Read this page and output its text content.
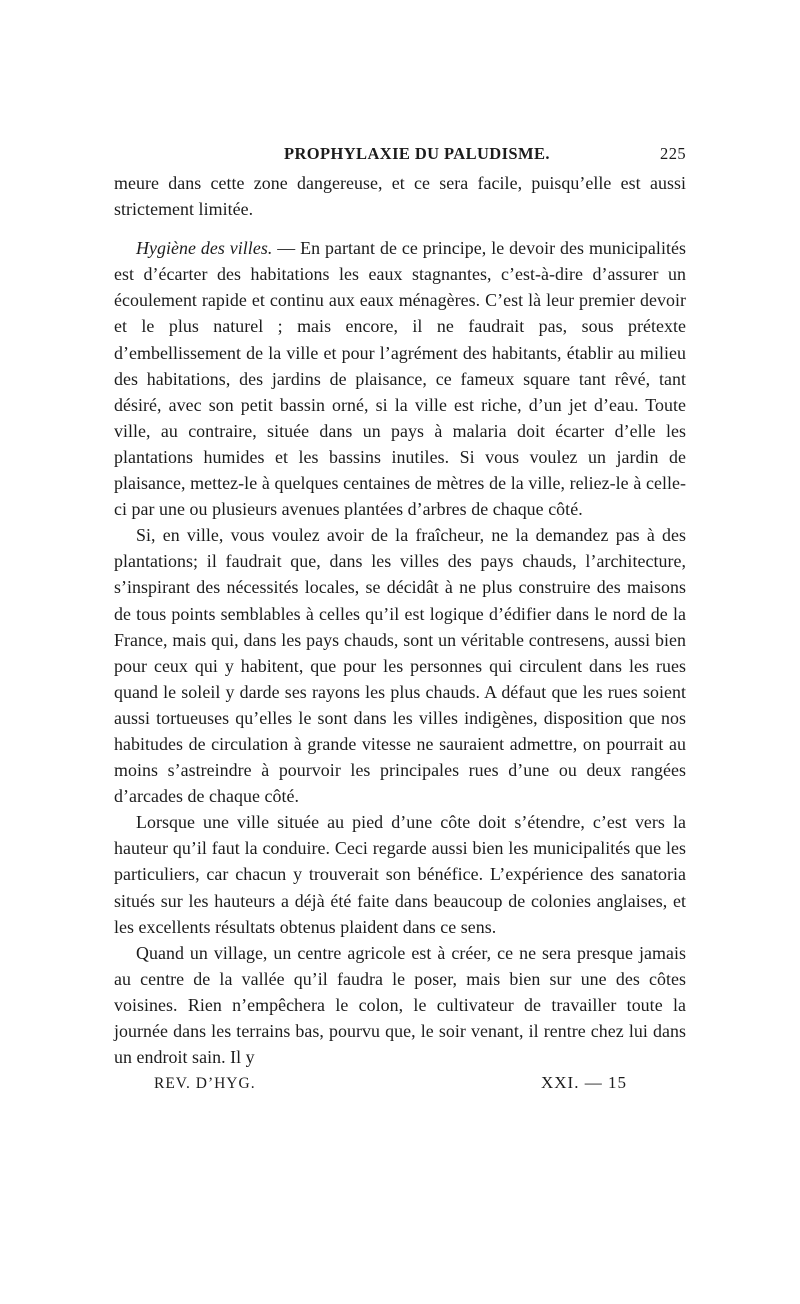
PROPHYLAXIE DU PALUDISME.	225

meure dans cette zone dangereuse, et ce sera facile, puisqu’elle est aussi strictement limitée.

Hygiène des villes. — En partant de ce principe, le devoir des municipalités est d’écarter des habitations les eaux stagnantes, c’est-à-dire d’assurer un écoulement rapide et continu aux eaux ménagères. C’est là leur premier devoir et le plus naturel ; mais encore, il ne faudrait pas, sous prétexte d’embellissement de la ville et pour l’agrément des habitants, établir au milieu des habitations, des jardins de plaisance, ce fameux square tant rêvé, tant désiré, avec son petit bassin orné, si la ville est riche, d’un jet d’eau. Toute ville, au contraire, située dans un pays à malaria doit écarter d’elle les plantations humides et les bassins inutiles. Si vous voulez un jardin de plaisance, mettez-le à quelques centaines de mètres de la ville, reliez-le à celle-ci par une ou plusieurs avenues plantées d’arbres de chaque côté.

Si, en ville, vous voulez avoir de la fraîcheur, ne la demandez pas à des plantations; il faudrait que, dans les villes des pays chauds, l’architecture, s’inspirant des nécessités locales, se décidât à ne plus construire des maisons de tous points semblables à celles qu’il est logique d’édifier dans le nord de la France, mais qui, dans les pays chauds, sont un véritable contresens, aussi bien pour ceux qui y habitent, que pour les personnes qui circulent dans les rues quand le soleil y darde ses rayons les plus chauds. A défaut que les rues soient aussi tortueuses qu’elles le sont dans les villes indigènes, disposition que nos habitudes de circulation à grande vitesse ne sauraient admettre, on pourrait au moins s’astreindre à pourvoir les principales rues d’une ou deux rangées d’arcades de chaque côté.

Lorsque une ville située au pied d’une côte doit s’étendre, c’est vers la hauteur qu’il faut la conduire. Ceci regarde aussi bien les municipalités que les particuliers, car chacun y trouverait son bénéfice. L’expérience des sanatoria situés sur les hauteurs a déjà été faite dans beaucoup de colonies anglaises, et les excellents résultats obtenus plaident dans ce sens.

Quand un village, un centre agricole est à créer, ce ne sera presque jamais au centre de la vallée qu’il faudra le poser, mais bien sur une des côtes voisines. Rien n’empêchera le colon, le cultivateur de travailler toute la journée dans les terrains bas, pourvu que, le soir venant, il rentre chez lui dans un endroit sain. Il y

REV. D’HYG.	XXI. — 15
